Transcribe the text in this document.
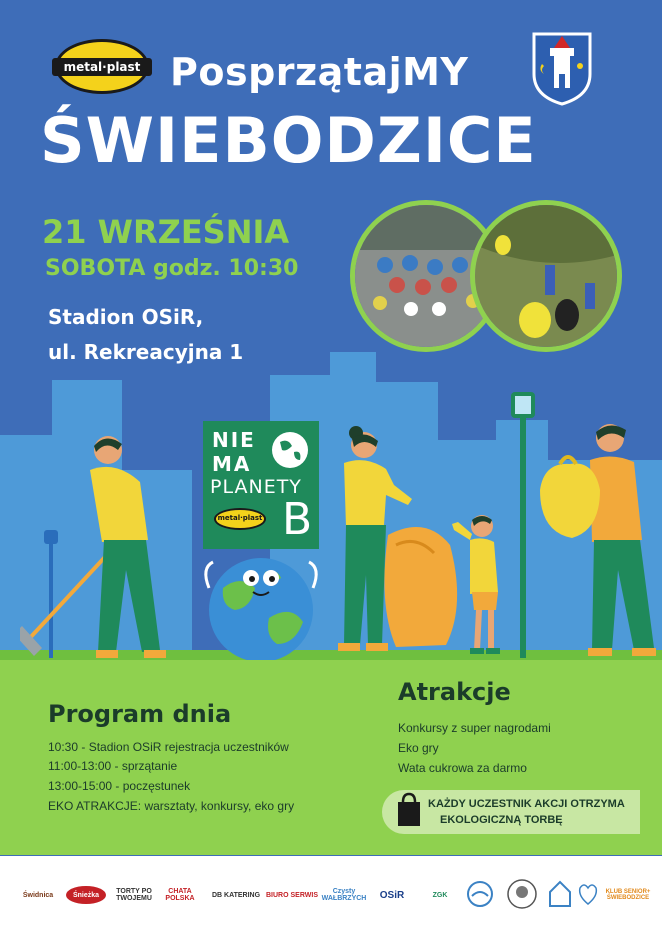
metal·plast PosprzątajMY
ŚWIEBODZICE
21 WRZEŚNIA
SOBOTA godz. 10:30
Stadion OSiR,
ul. Rekreacyjna 1
NIE
MA
PLANETY
B
metal·plast
Program dnia
10:30 - Stadion OSiR rejestracja uczestników
11:00-13:00 - sprzątanie
13:00-15:00 - poczęstunek
EKO ATRAKCJE: warsztaty, konkursy, eko gry
Atrakcje
Konkursy z super nagrodami
Eko gry
Wata cukrowa za darmo
KAŻDY UCZESTNIK AKCJI OTRZYMA
EKOLOGICZNĄ TORBĘ
Świdnica	Śnieżka	TORTY PO TWOJEMU
CHATA POLSKA	DB KATERING BIURO SERWIS	Czysty WAŁBRZYCH	OSiR	ZGK	KLUB SENIOR+ ŚWIEBODZICE
